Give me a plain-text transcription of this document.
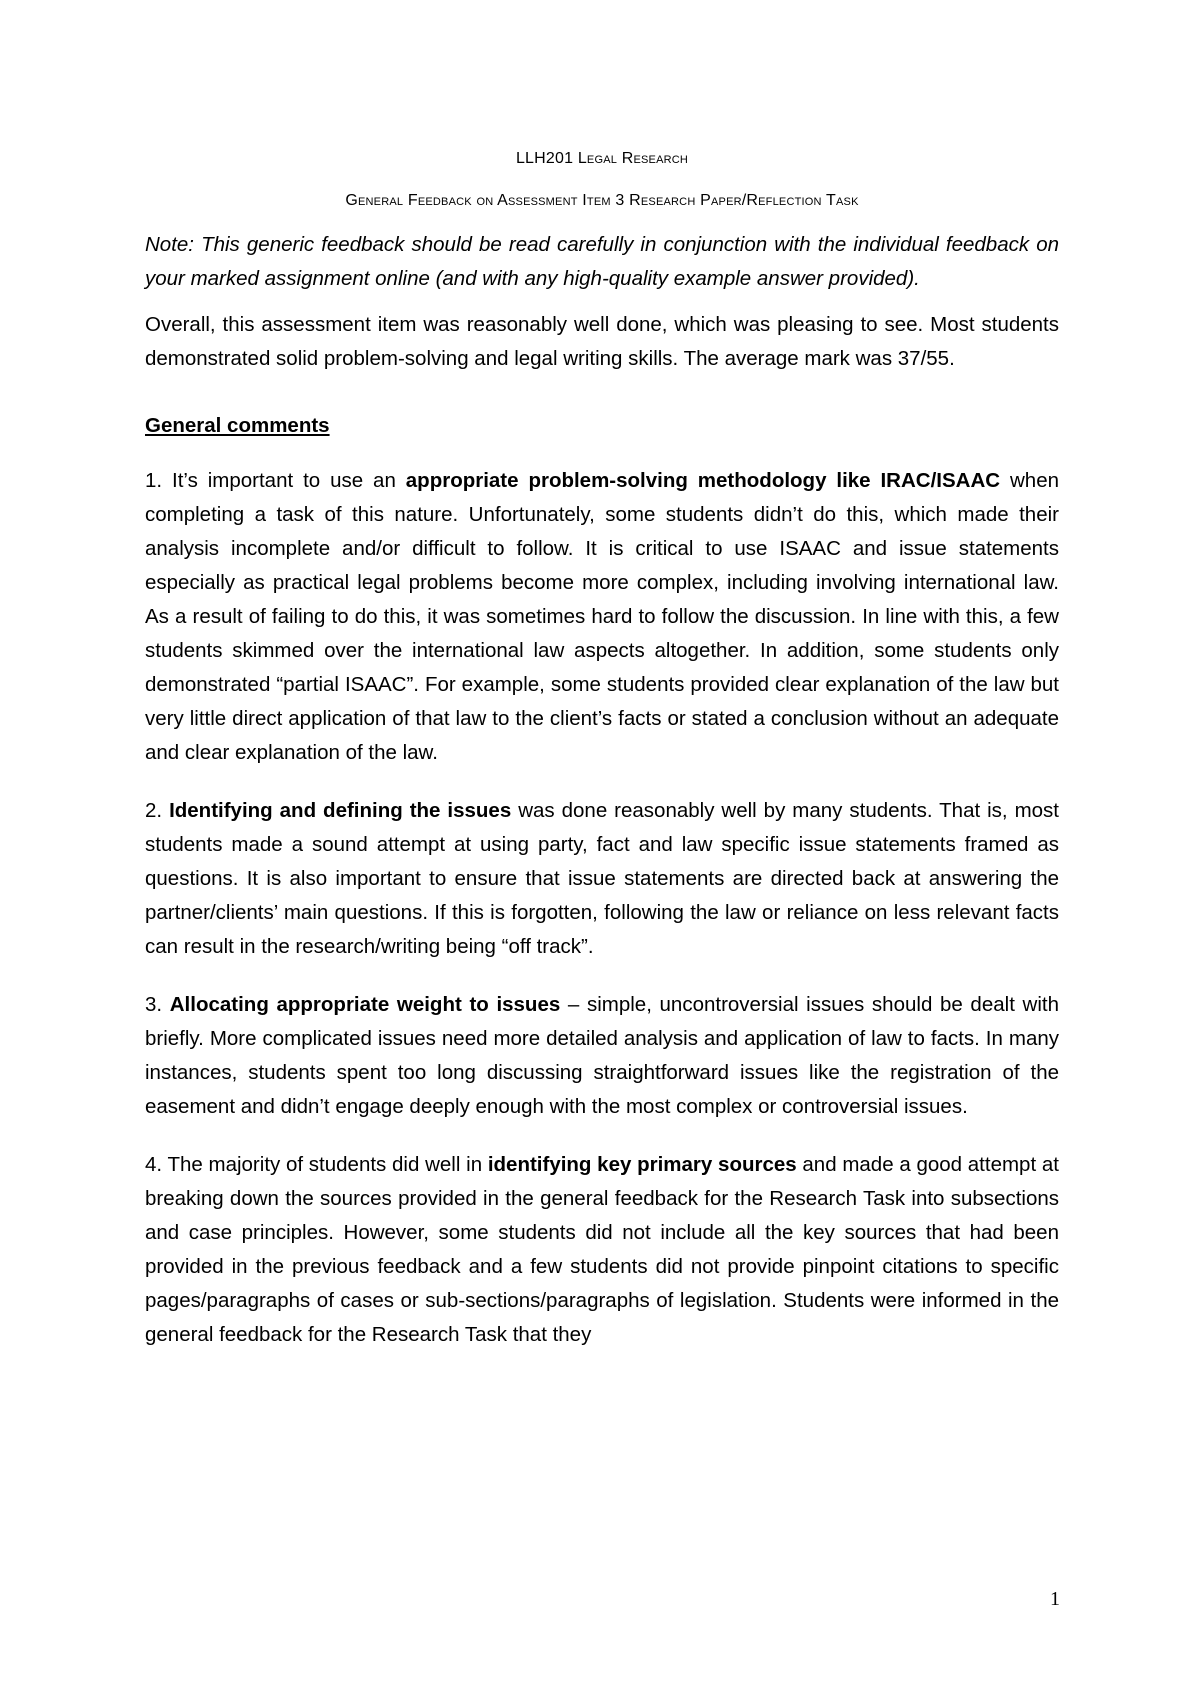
LLH201 Legal Research
General Feedback on Assessment Item 3 Research Paper/Reflection Task

Note: This generic feedback should be read carefully in conjunction with the individual feedback on your marked assignment online (and with any high-quality example answer provided).

Overall, this assessment item was reasonably well done, which was pleasing to see. Most students demonstrated solid problem-solving and legal writing skills. The average mark was 37/55.

General comments

1. It’s important to use an appropriate problem-solving methodology like IRAC/ISAAC when completing a task of this nature. Unfortunately, some students didn’t do this, which made their analysis incomplete and/or difficult to follow. It is critical to use ISAAC and issue statements especially as practical legal problems become more complex, including involving international law. As a result of failing to do this, it was sometimes hard to follow the discussion. In line with this, a few students skimmed over the international law aspects altogether. In addition, some students only demonstrated “partial ISAAC”. For example, some students provided clear explanation of the law but very little direct application of that law to the client’s facts or stated a conclusion without an adequate and clear explanation of the law.

2. Identifying and defining the issues was done reasonably well by many students. That is, most students made a sound attempt at using party, fact and law specific issue statements framed as questions. It is also important to ensure that issue statements are directed back at answering the partner/clients’ main questions. If this is forgotten, following the law or reliance on less relevant facts can result in the research/writing being “off track”.

3. Allocating appropriate weight to issues – simple, uncontroversial issues should be dealt with briefly. More complicated issues need more detailed analysis and application of law to facts. In many instances, students spent too long discussing straightforward issues like the registration of the easement and didn’t engage deeply enough with the most complex or controversial issues.

4. The majority of students did well in identifying key primary sources and made a good attempt at breaking down the sources provided in the general feedback for the Research Task into subsections and case principles. However, some students did not include all the key sources that had been provided in the previous feedback and a few students did not provide pinpoint citations to specific pages/paragraphs of cases or sub-sections/paragraphs of legislation. Students were informed in the general feedback for the Research Task that they

1
